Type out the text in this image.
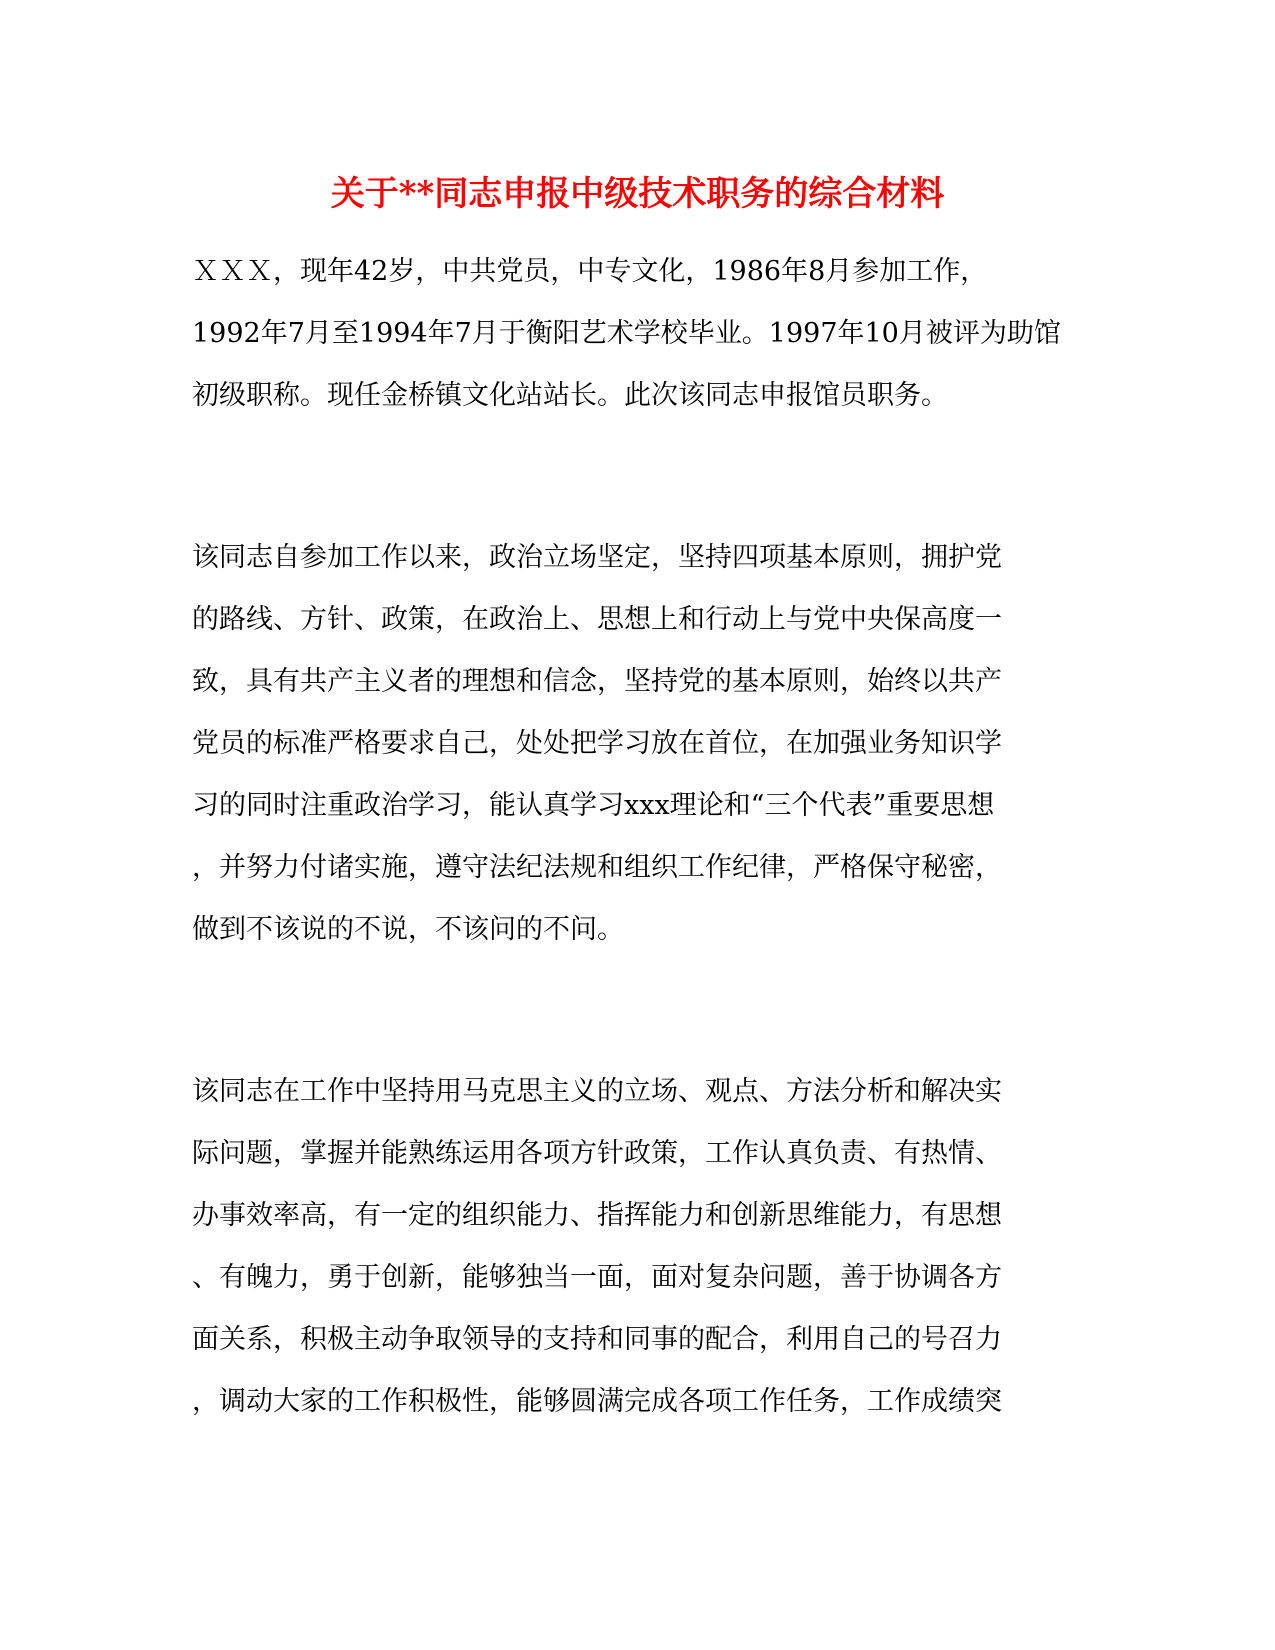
关于**同志申报中级技术职务的综合材料
ＸＸＸ，现年42岁，中共党员，中专文化，1986年8月参加工作，
1992年7月至1994年7月于衡阳艺术学校毕业。1997年10月被评为助馆
初级职称。现任金桥镇文化站站长。此次该同志申报馆员职务。
该同志自参加工作以来，政治立场坚定，坚持四项基本原则，拥护党
的路线、方针、政策，在政治上、思想上和行动上与党中央保高度一
致，具有共产主义者的理想和信念，坚持党的基本原则，始终以共产
党员的标准严格要求自己，处处把学习放在首位，在加强业务知识学
习的同时注重政治学习，能认真学习xxx理论和“三个代表”重要思想
，并努力付诸实施，遵守法纪法规和组织工作纪律，严格保守秘密，
做到不该说的不说，不该问的不问。
该同志在工作中坚持用马克思主义的立场、观点、方法分析和解决实
际问题，掌握并能熟练运用各项方针政策，工作认真负责、有热情、
办事效率高，有一定的组织能力、指挥能力和创新思维能力，有思想
、有魄力，勇于创新，能够独当一面，面对复杂问题，善于协调各方
面关系，积极主动争取领导的支持和同事的配合，利用自己的号召力
，调动大家的工作积极性，能够圆满完成各项工作任务，工作成绩突
